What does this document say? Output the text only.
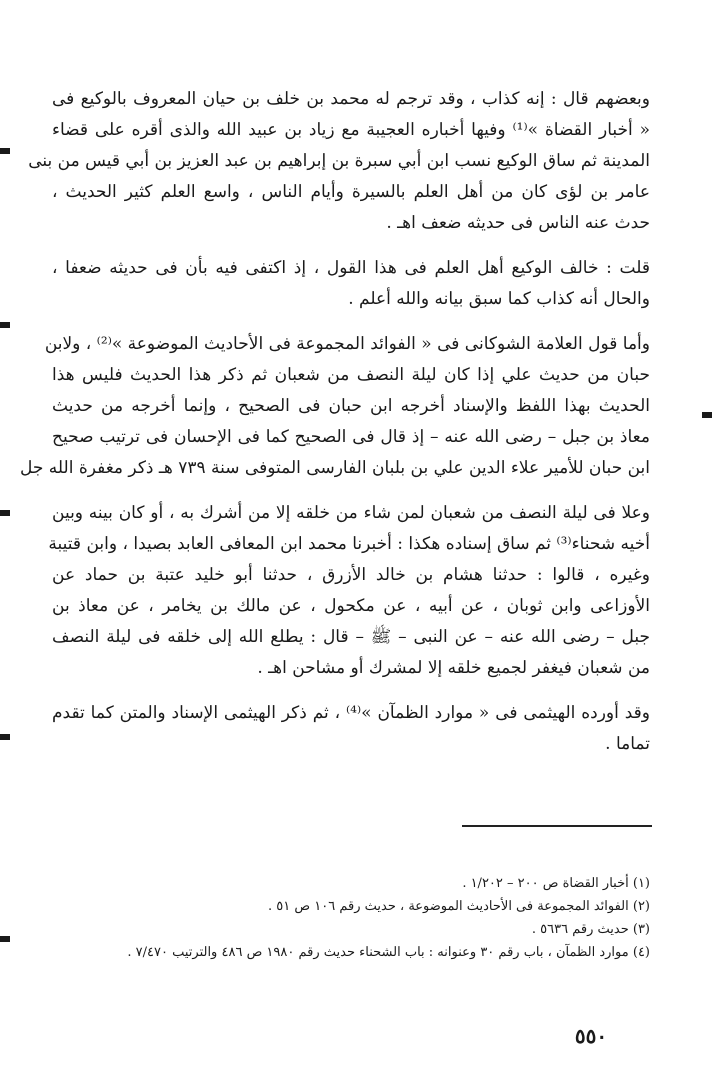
وبعضهم قال : إنه كذاب ، وقد ترجم له محمد بن خلف بن حيان المعروف بالوكيع فى
« أخبار القضاة »⁽¹⁾ وفيها أخباره العجيبة مع زياد بن عبيد الله والذى أقره على قضاء
المدينة ثم ساق الوكيع نسب ابن أبي سبرة بن إبراهيم بن عبد العزيز بن أبي قيس من بنى
عامر بن لؤى كان من أهل العلم بالسيرة وأيام الناس ، واسع العلم كثير الحديث ،
حدث عنه الناس فى حديثه ضعف اهـ .
قلت : خالف الوكيع أهل العلم فى هذا القول ، إذ اكتفى فيه بأن فى حديثه ضعفا ،
والحال أنه كذاب كما سبق بيانه والله أعلم .
وأما قول العلامة الشوكانى فى « الفوائد المجموعة فى الأحاديث الموضوعة »⁽²⁾ ، ولابن
حبان من حديث علي إذا كان ليلة النصف من شعبان ثم ذكر هذا الحديث فليس هذا
الحديث بهذا اللفظ والإسناد أخرجه ابن حبان فى الصحيح ، وإنما أخرجه من حديث
معاذ بن جبل – رضى الله عنه – إذ قال فى الصحيح كما فى الإحسان فى ترتيب صحيح
ابن حبان للأمير علاء الدين علي بن بلبان الفارسى المتوفى سنة ٧٣٩ هـ ذكر مغفرة الله جل
وعلا فى ليلة النصف من شعبان لمن شاء من خلقه إلا من أشرك به ، أو كان بينه وبين
أخيه شحناء⁽³⁾ ثم ساق إسناده هكذا : أخبرنا محمد ابن المعافى العابد بصيدا ، وابن قتيبة
وغيره ، قالوا : حدثنا هشام بن خالد الأزرق ، حدثنا أبو خليد عتبة بن حماد عن
الأوزاعى وابن ثوبان ، عن أبيه ، عن مكحول ، عن مالك بن يخامر ، عن معاذ بن
جبل – رضى الله عنه – عن النبى – ﷺ – قال : يطلع الله إلى خلقه فى ليلة النصف
من شعبان فيغفر لجميع خلقه إلا لمشرك أو مشاحن اهـ .
وقد أورده الهيثمى فى « موارد الظمآن »⁽⁴⁾ ، ثم ذكر الهيثمى الإسناد والمتن كما تقدم
تماما .
(١) أخبار القضاة ص ٢٠٠ – ١/٢٠٢ .
(٢) الفوائد المجموعة فى الأحاديث الموضوعة ، حديث رقم ١٠٦ ص ٥١ .
(٣) حديث رقم ٥٦٣٦ .
(٤) موارد الظمآن ، باب رقم ٣٠ وعنوانه : باب الشحناء حديث رقم ١٩٨٠ ص ٤٨٦ والترتيب ٧/٤٧٠ .
٥٥٠
